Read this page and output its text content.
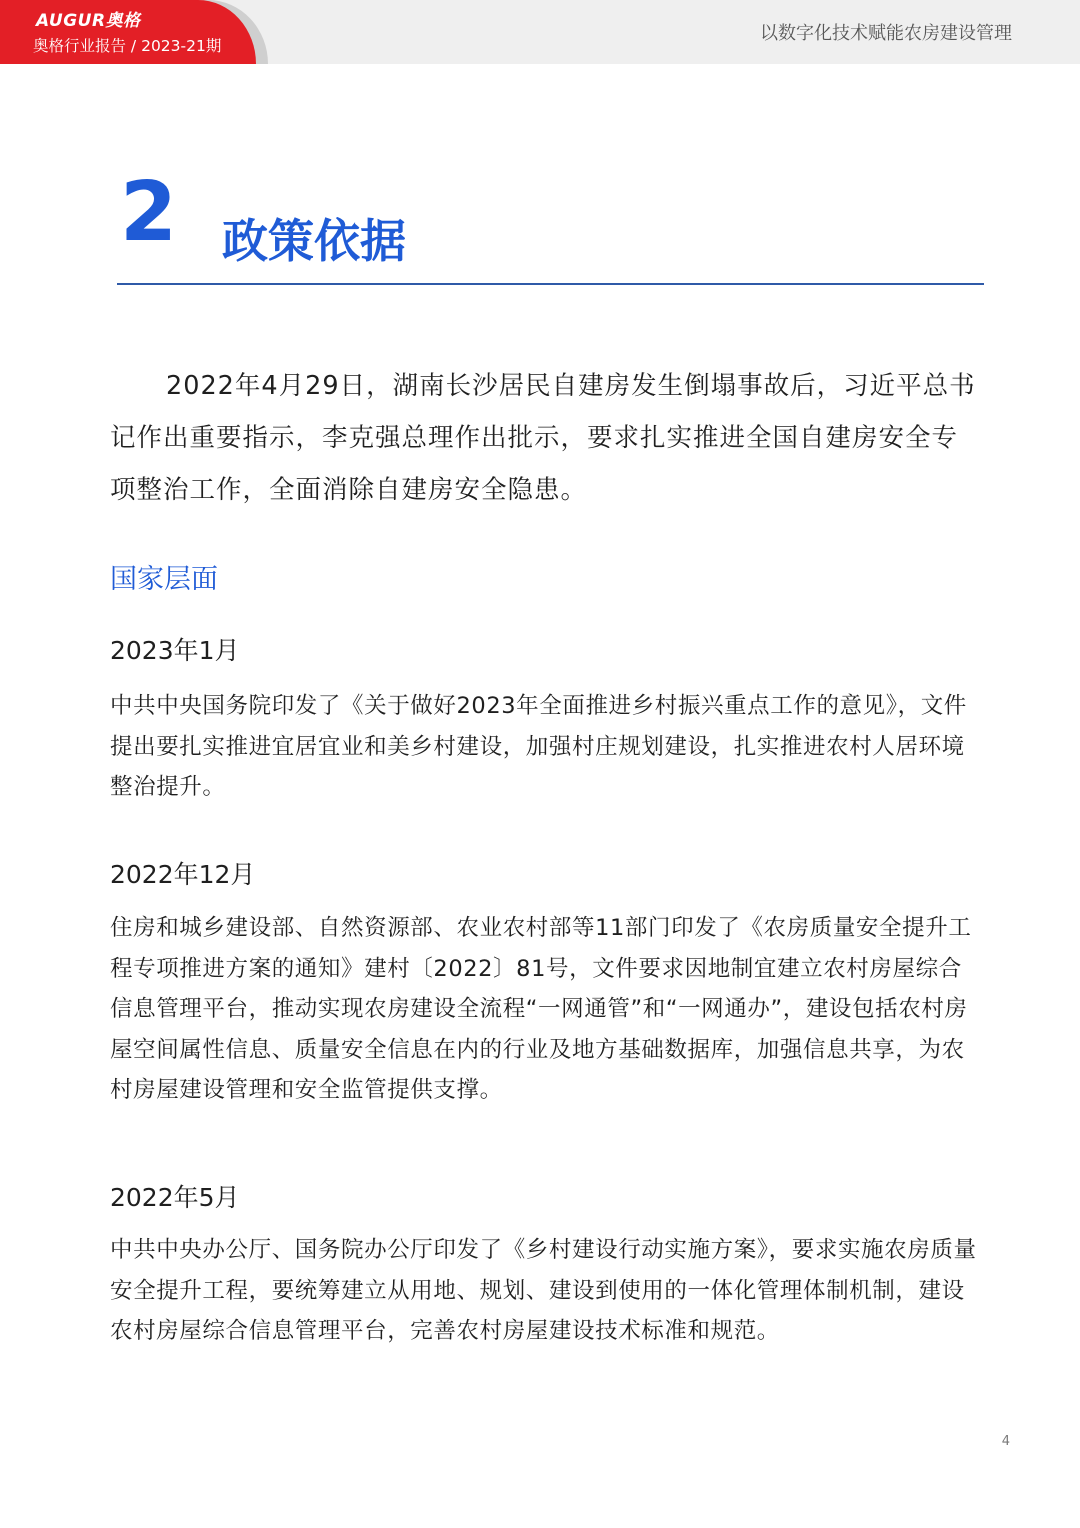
AUGUR奥格
奥格行业报告 / 2023-21期
以数字化技术赋能农房建设管理
2 政策依据

2022年4月29日，湖南长沙居民自建房发生倒塌事故后，习近平总书记作出重要指示，李克强总理作出批示，要求扎实推进全国自建房安全专项整治工作，全面消除自建房安全隐患。

国家层面
2023年1月

中共中央国务院印发了《关于做好2023年全面推进乡村振兴重点工作的意见》，文件提出要扎实推进宜居宜业和美乡村建设，加强村庄规划建设，扎实推进农村人居环境整治提升。

2022年12月

住房和城乡建设部、自然资源部、农业农村部等11部门印发了《农房质量安全提升工程专项推进方案的通知》建村〔2022〕81号，文件要求因地制宜建立农村房屋综合信息管理平台，推动实现农房建设全流程“一网通管”和“一网通办”，建设包括农村房屋空间属性信息、质量安全信息在内的行业及地方基础数据库，加强信息共享，为农村房屋建设管理和安全监管提供支撑。

2022年5月

中共中央办公厅、国务院办公厅印发了《乡村建设行动实施方案》，要求实施农房质量安全提升工程，要统筹建立从用地、规划、建设到使用的一体化管理体制机制，建设农村房屋综合信息管理平台，完善农村房屋建设技术标准和规范。

4
